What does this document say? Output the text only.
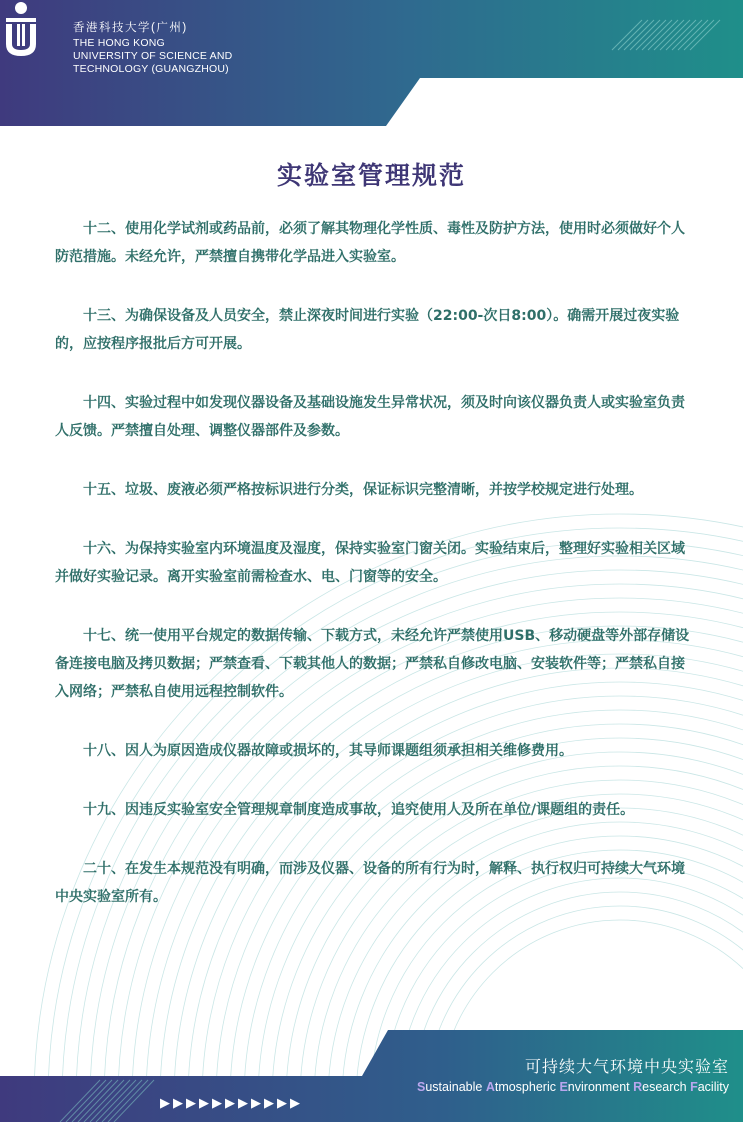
香港科技大学(广州)
THE HONG KONG
UNIVERSITY OF SCIENCE AND
TECHNOLOGY (GUANGZHOU)
实验室管理规范

十二、使用化学试剂或药品前，必须了解其物理化学性质、毒性及防护方法，使用时必须做好个人防范措施。未经允许，严禁擅自携带化学品进入实验室。

十三、为确保设备及人员安全，禁止深夜时间进行实验（22:00-次日8:00）。确需开展过夜实验的，应按程序报批后方可开展。

十四、实验过程中如发现仪器设备及基础设施发生异常状况，须及时向该仪器负责人或实验室负责人反馈。严禁擅自处理、调整仪器部件及参数。

十五、垃圾、废液必须严格按标识进行分类，保证标识完整清晰，并按学校规定进行处理。

十六、为保持实验室内环境温度及湿度，保持实验室门窗关闭。实验结束后，整理好实验相关区域并做好实验记录。离开实验室前需检查水、电、门窗等的安全。

十七、统一使用平台规定的数据传输、下载方式，未经允许严禁使用USB、移动硬盘等外部存储设备连接电脑及拷贝数据；严禁查看、下载其他人的数据；严禁私自修改电脑、安装软件等；严禁私自接入网络；严禁私自使用远程控制软件。

十八、因人为原因造成仪器故障或损坏的，其导师课题组须承担相关维修费用。

十九、因违反实验室安全管理规章制度造成事故，追究使用人及所在单位/课题组的责任。

二十、在发生本规范没有明确，而涉及仪器、设备的所有行为时，解释、执行权归可持续大气环境中央实验室所有。

▶▶▶▶▶▶▶▶▶▶▶
可持续大气环境中央实验室
Sustainable Atmospheric Environment Research Facility
